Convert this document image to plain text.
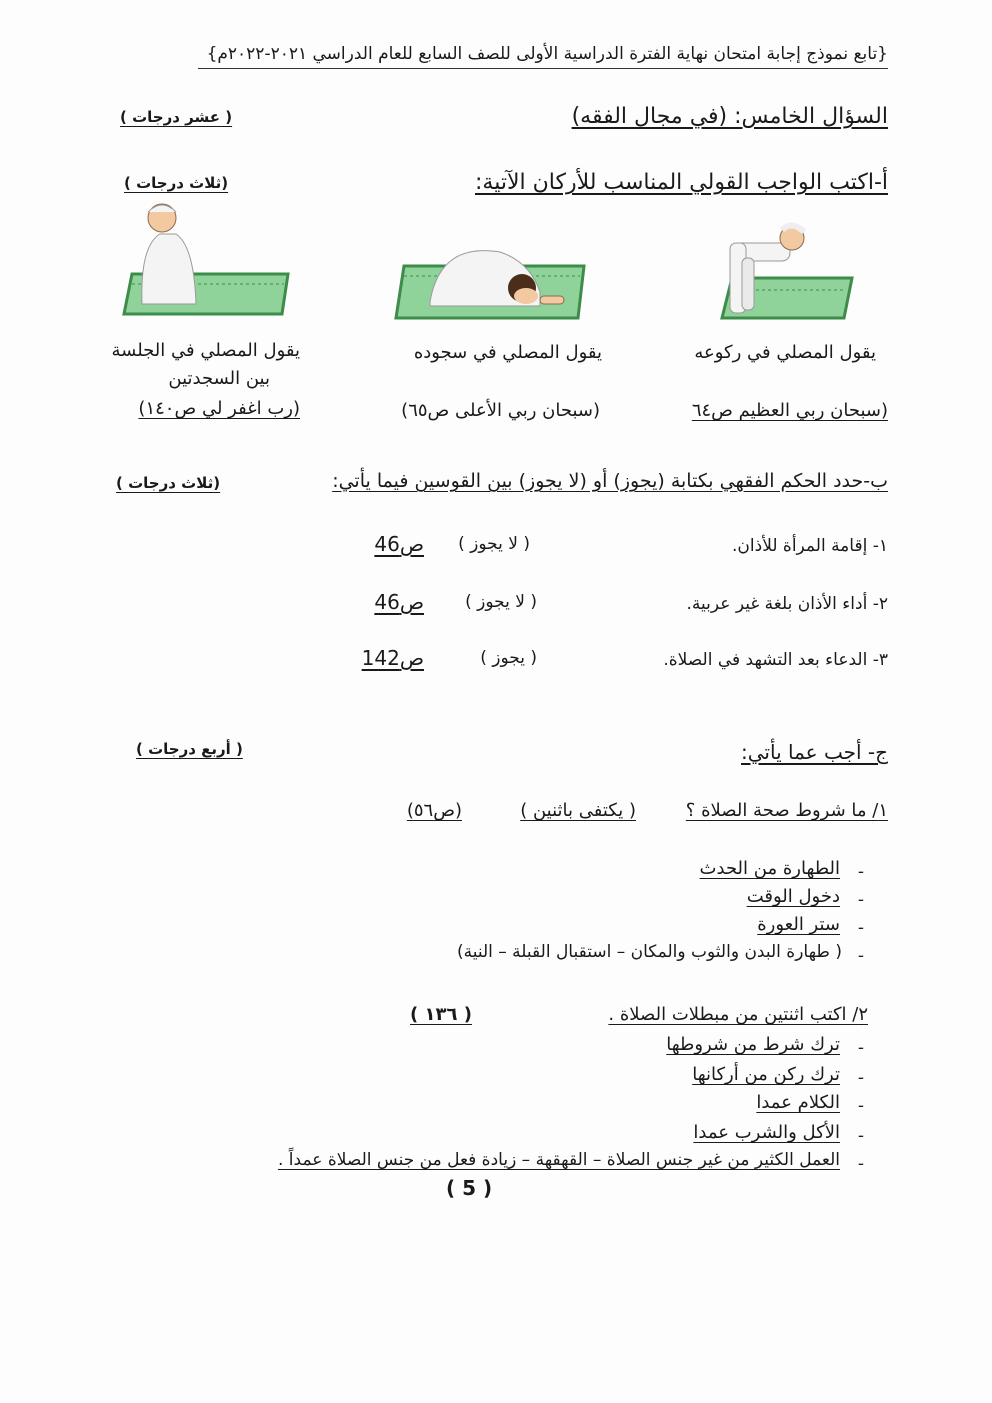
{تابع نموذج إجابة امتحان نهاية الفترة الدراسية الأولى للصف السابع للعام الدراسي ٢٠٢١-٢٠٢٢م}
السؤال الخامس: (في مجال الفقه)
( عشر درجات )
أ-اكتب الواجب القولي المناسب للأركان الآتية:
(ثلاث درجات )
يقول المصلي في ركوعه
(سبحان ربي العظيم ص٦٤
يقول المصلي في سجوده
(سبحان ربي الأعلى ص٦٥)
يقول المصلي في الجلسة
بين السجدتين
(رب اغفر لي ص١٤٠)
ب-حدد الحكم الفقهي بكتابة (يجوز) أو (لا يجوز) بين القوسين فيما يأتي:
(ثلاث درجات )
١- إقامة المرأة للأذان.
( لا يجوز )
ص46
٢- أداء الأذان بلغة غير عربية.
( لا يجوز )
ص46
٣- الدعاء بعد التشهد في الصلاة.
( يجوز )
ص142
ج- أجب عما يأتي:
( أربع درجات )
١/ ما شروط صحة الصلاة ؟
( يكتفى باثنين )
(ص٥٦)
-
الطهارة من الحدث
-
دخول الوقت
-
ستر العورة
-
( طهارة البدن والثوب والمكان – استقبال القبلة – النية)
٢/ اكتب اثنتين من مبطلات الصلاة .
( ١٣٦ )
-
ترك شرط من شروطها
-
ترك ركن من أركانها
-
الكلام عمدا
-
الأكل والشرب عمدا
-
العمل الكثير من غير جنس الصلاة – القهقهة – زيادة فعل من جنس الصلاة عمداً .
( 5 )
